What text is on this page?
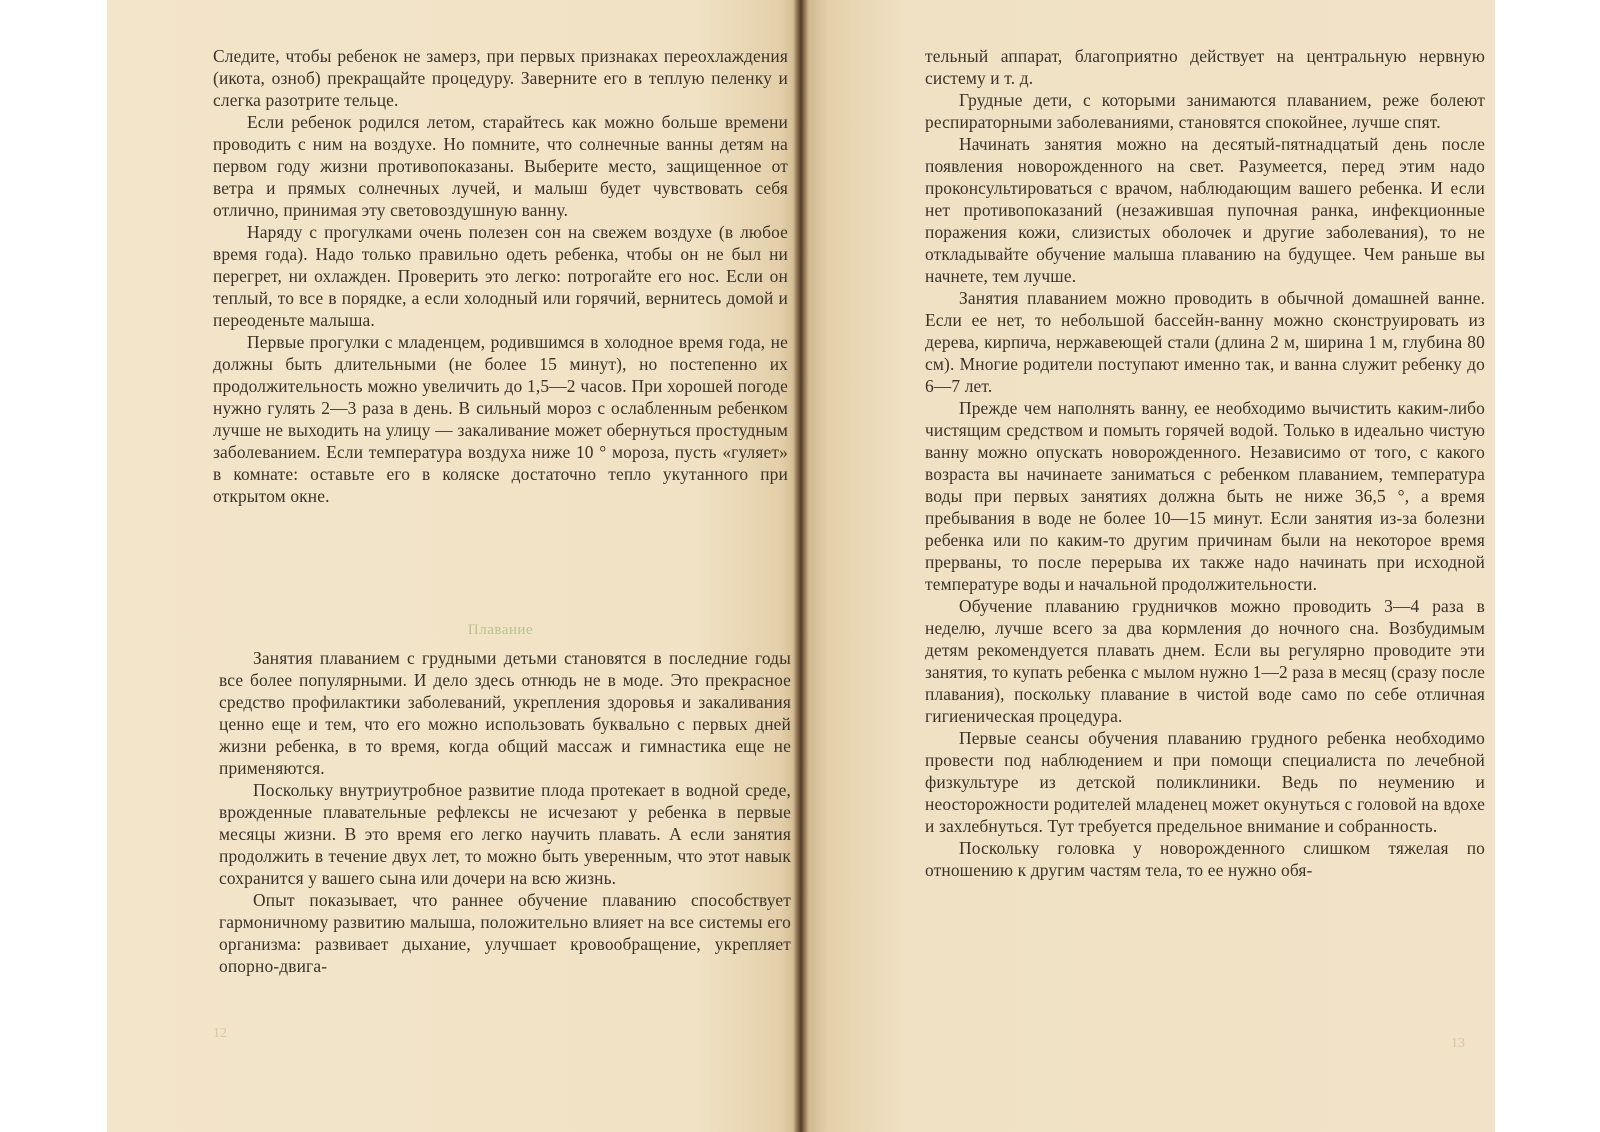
Следите, чтобы ребенок не замерз, при первых признаках переохлаждения (икота, озноб) прекращайте процедуру. Заверните его в теплую пеленку и слегка разотрите тельце.

Если ребенок родился летом, старайтесь как можно больше времени проводить с ним на воздухе. Но помните, что солнечные ванны детям на первом году жизни противопоказаны. Выберите место, защищенное от ветра и прямых солнечных лучей, и малыш будет чувствовать себя отлично, принимая эту световоздушную ванну.

Наряду с прогулками очень полезен сон на свежем воздухе (в любое время года). Надо только правильно одеть ребенка, чтобы он не был ни перегрет, ни охлажден. Проверить это легко: потрогайте его нос. Если он теплый, то все в порядке, а если холодный или горячий, вернитесь домой и переоденьте малыша.

Первые прогулки с младенцем, родившимся в холодное время года, не должны быть длительными (не более 15 минут), но постепенно их продолжительность можно увеличить до 1,5—2 часов. При хорошей погоде нужно гулять 2—3 раза в день. В сильный мороз с ослабленным ребенком лучше не выходить на улицу — закаливание может обернуться простудным заболеванием. Если температура воздуха ниже 10 ° мороза, пусть «гуляет» в комнате: оставьте его в коляске достаточно тепло укутанного при открытом окне.

Плавание

Занятия плаванием с грудными детьми становятся в последние годы все более популярными. И дело здесь отнюдь не в моде. Это прекрасное средство профилактики заболеваний, укрепления здоровья и закаливания ценно еще и тем, что его можно использовать буквально с первых дней жизни ребенка, в то время, когда общий массаж и гимнастика еще не применяются.

Поскольку внутриутробное развитие плода протекает в водной среде, врожденные плавательные рефлексы не исчезают у ребенка в первые месяцы жизни. В это время его легко научить плавать. А если занятия продолжить в течение двух лет, то можно быть уверенным, что этот навык сохранится у вашего сына или дочери на всю жизнь.

Опыт показывает, что раннее обучение плаванию способствует гармоничному развитию малыша, положительно влияет на все системы его организма: развивает дыхание, улучшает кровообращение, укрепляет опорно-двига-

12

тельный аппарат, благоприятно действует на центральную нервную систему и т. д.

Грудные дети, с которыми занимаются плаванием, реже болеют респираторными заболеваниями, становятся спокойнее, лучше спят.

Начинать занятия можно на десятый-пятнадцатый день после появления новорожденного на свет. Разумеется, перед этим надо проконсультироваться с врачом, наблюдающим вашего ребенка. И если нет противопоказаний (незажившая пупочная ранка, инфекционные поражения кожи, слизистых оболочек и другие заболевания), то не откладывайте обучение малыша плаванию на будущее. Чем раньше вы начнете, тем лучше.

Занятия плаванием можно проводить в обычной домашней ванне. Если ее нет, то небольшой бассейн-ванну можно сконструировать из дерева, кирпича, нержавеющей стали (длина 2 м, ширина 1 м, глубина 80 см). Многие родители поступают именно так, и ванна служит ребенку до 6—7 лет.

Прежде чем наполнять ванну, ее необходимо вычистить каким-либо чистящим средством и помыть горячей водой. Только в идеально чистую ванну можно опускать новорожденного. Независимо от того, с какого возраста вы начинаете заниматься с ребенком плаванием, температура воды при первых занятиях должна быть не ниже 36,5 °, а время пребывания в воде не более 10—15 минут. Если занятия из-за болезни ребенка или по каким-то другим причинам были на некоторое время прерваны, то после перерыва их также надо начинать при исходной температуре воды и начальной продолжительности.

Обучение плаванию грудничков можно проводить 3—4 раза в неделю, лучше всего за два кормления до ночного сна. Возбудимым детям рекомендуется плавать днем. Если вы регулярно проводите эти занятия, то купать ребенка с мылом нужно 1—2 раза в месяц (сразу после плавания), поскольку плавание в чистой воде само по себе отличная гигиеническая процедура.

Первые сеансы обучения плаванию грудного ребенка необходимо провести под наблюдением и при помощи специалиста по лечебной физкультуре из детской поликлиники. Ведь по неумению и неосторожности родителей младенец может окунуться с головой на вдохе и захлебнуться. Тут требуется предельное внимание и собранность.

Поскольку головка у новорожденного слишком тяжелая по отношению к другим частям тела, то ее нужно обя-

13
